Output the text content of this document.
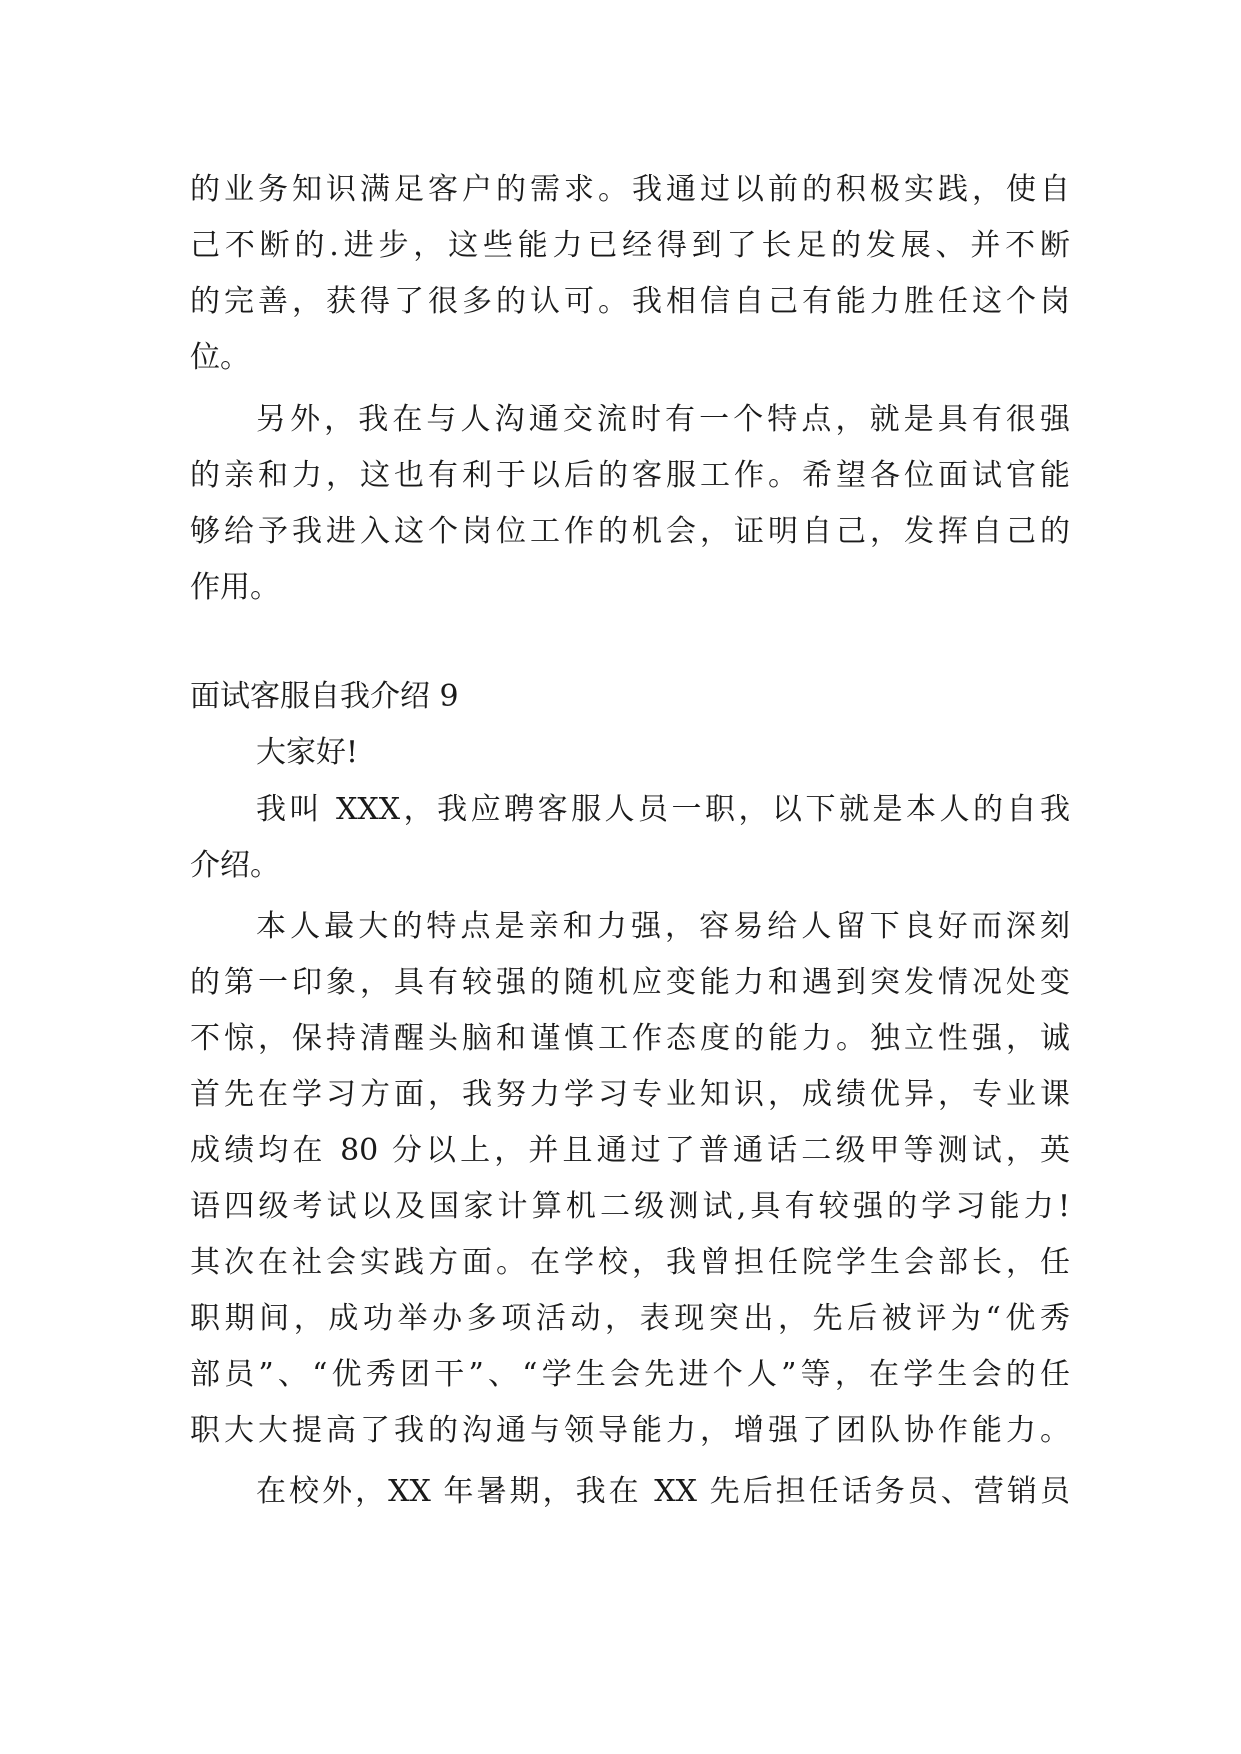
的业务知识满足客户的需求。我通过以前的积极实践，使自
己不断的.进步，这些能力已经得到了长足的发展、并不断
的完善，获得了很多的认可。我相信自己有能力胜任这个岗
位。
另外，我在与人沟通交流时有一个特点，就是具有很强
的亲和力，这也有利于以后的客服工作。希望各位面试官能
够给予我进入这个岗位工作的机会，证明自己，发挥自己的
作用。
面试客服自我介绍 9
大家好!
我叫 XXX，我应聘客服人员一职，以下就是本人的自我
介绍。
本人最大的特点是亲和力强，容易给人留下良好而深刻
的第一印象，具有较强的随机应变能力和遇到突发情况处变
不惊，保持清醒头脑和谨慎工作态度的能力。独立性强，诚
首先在学习方面，我努力学习专业知识，成绩优异，专业课
成绩均在 80 分以上，并且通过了普通话二级甲等测试，英
语四级考试以及国家计算机二级测试,具有较强的学习能力!
其次在社会实践方面。在学校，我曾担任院学生会部长，任
职期间，成功举办多项活动，表现突出，先后被评为“优秀
部员”、“优秀团干”、“学生会先进个人”等，在学生会的任
职大大提高了我的沟通与领导能力，增强了团队协作能力。
在校外，XX 年暑期，我在 XX 先后担任话务员、营销员
